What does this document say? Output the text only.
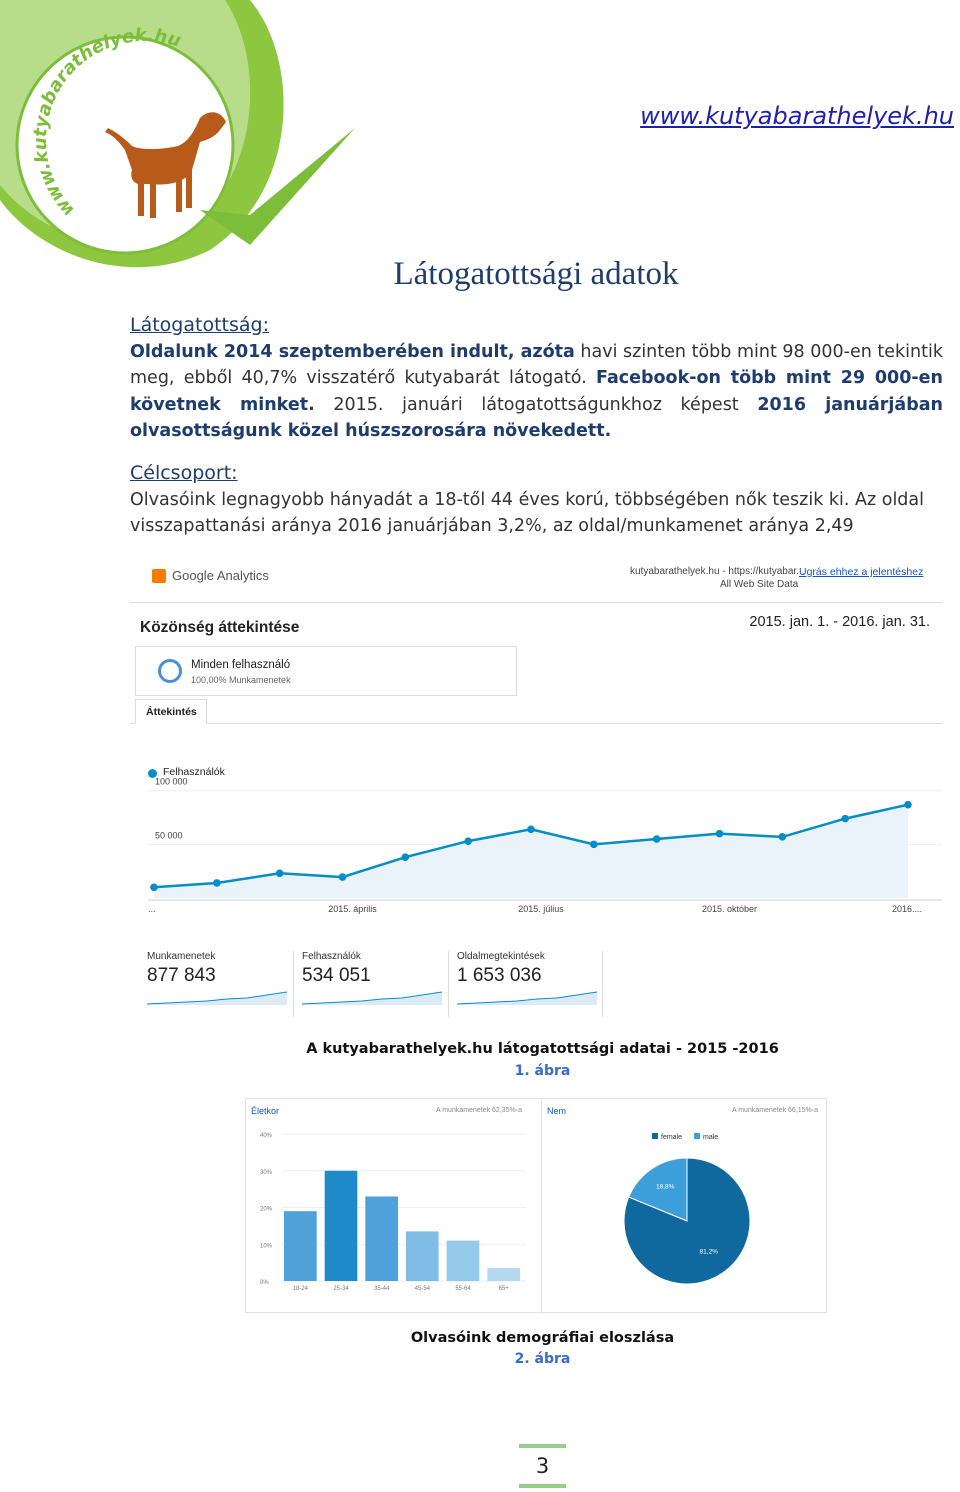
www.kutyabarathelyek.hu
www.kutyabarathelyek.hu
Látogatottsági adatok
Látogatottság:

Oldalunk 2014 szeptemberében indult, azóta havi szinten több mint 98 000-en tekintik meg, ebből 40,7% visszatérő kutyabarát látogató. Facebook-on több mint 29 000-en követnek minket. 2015. januári látogatottságunkhoz képest 2016 januárjában olvasottságunk közel húszszorosára növekedett.

Célcsoport:

Olvasóink legnagyobb hányadát a 18-től 44 éves korú, többségében nők teszik ki. Az oldal visszapattanási aránya 2016 januárjában 3,2%, az oldal/munkamenet aránya 2,49

Google Analytics	kutyabarathelyek.hu - https://kutyabar...
All Web Site Data
Ugrás ehhez a jelentéshez
Közönség áttekintése	2015. jan. 1. - 2016. jan. 31.
Minden felhasználó
100,00% Munkamenetek
Áttekintés
Felhasználók
100 000
50 000
...	2015. április	2015. július	2015. október	2016....
Munkamenetek
877 843
Felhasználók
534 051
Oldalmegtekintések
1 653 036
A kutyabarathelyek.hu látogatottsági adatai - 2015 -2016
1. ábra
Életkor	A munkamenetek 62,35%-a	Nem	A munkamenetek 66,15%-a
40%
30%
20%
10%
0%
18-24	25-34	35-44	45-54	55-64	65+
female	male
81,2%
18,8%
Olvasóink demográfiai eloszlása
2. ábra
3
